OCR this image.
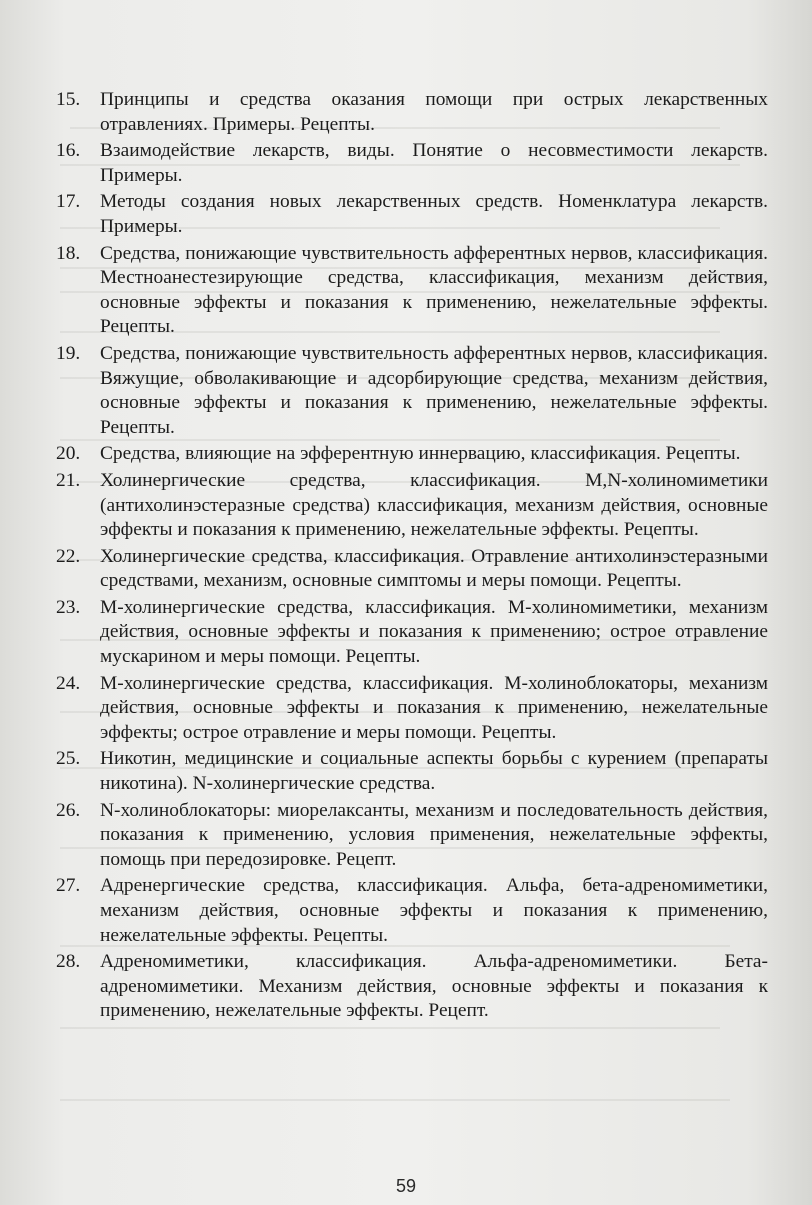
15.	Принципы и средства оказания помощи при острых лекарственных отравлениях. Примеры. Рецепты.
16.	Взаимодействие лекарств, виды. Понятие о несовместимости лекарств. Примеры.
17.	Методы создания новых лекарственных средств. Номенклатура лекарств. Примеры.
18.	Средства, понижающие чувствительность афферентных нервов, классификация. Местноанестезирующие средства, классификация, механизм действия, основные эффекты и показания к применению, нежелательные эффекты. Рецепты.
19.	Средства, понижающие чувствительность афферентных нервов, классификация. Вяжущие, обволакивающие и адсорбирующие средства, механизм действия, основные эффекты и показания к применению, нежелательные эффекты. Рецепты.
20.	Средства, влияющие на эфферентную иннервацию, классификация. Рецепты.
21.	Холинергические средства, классификация. М,N-холиномиметики (антихолинэстеразные средства) классификация, механизм действия, основные эффекты и показания к применению, нежелательные эффекты. Рецепты.
22.	Холинергические средства, классификация. Отравление антихолинэстеразными средствами, механизм, основные симптомы и меры помощи. Рецепты.
23.	М-холинергические средства, классификация. М-холиномиметики, механизм действия, основные эффекты и показания к применению; острое отравление мускарином и меры помощи. Рецепты.
24.	М-холинергические средства, классификация. М-холиноблокаторы, механизм действия, основные эффекты и показания к применению, нежелательные эффекты; острое отравление и меры помощи. Рецепты.
25.	Никотин, медицинские и социальные аспекты борьбы с курением (препараты никотина). N-холинергические средства.
26.	N-холиноблокаторы: миорелаксанты, механизм и последовательность действия, показания к применению, условия применения, нежелательные эффекты, помощь при передозировке. Рецепт.
27.	Адренергические средства, классификация. Альфа, бета-адреномиметики, механизм действия, основные эффекты и показания к применению, нежелательные эффекты. Рецепты.
28.	Адреномиметики, классификация. Альфа-адреномиметики. Бета-адреномиметики. Механизм действия, основные эффекты и показания к применению, нежелательные эффекты. Рецепт.
59
